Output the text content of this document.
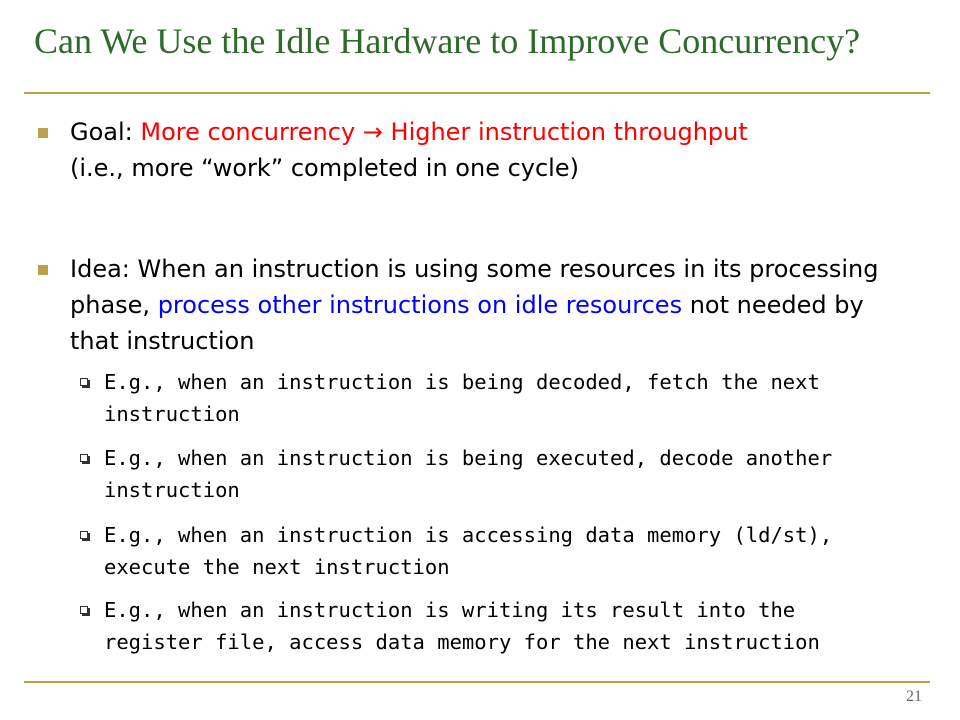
Can We Use the Idle Hardware to Improve Concurrency?
Goal: More concurrency → Higher instruction throughput
(i.e., more “work” completed in one cycle)
Idea: When an instruction is using some resources in its processing phase, process other instructions on idle resources not needed by that instruction
E.g., when an instruction is being decoded, fetch the next instruction
E.g., when an instruction is being executed, decode another instruction
E.g., when an instruction is accessing data memory (ld/st), execute the next instruction
E.g., when an instruction is writing its result into the register file, access data memory for the next instruction
21
